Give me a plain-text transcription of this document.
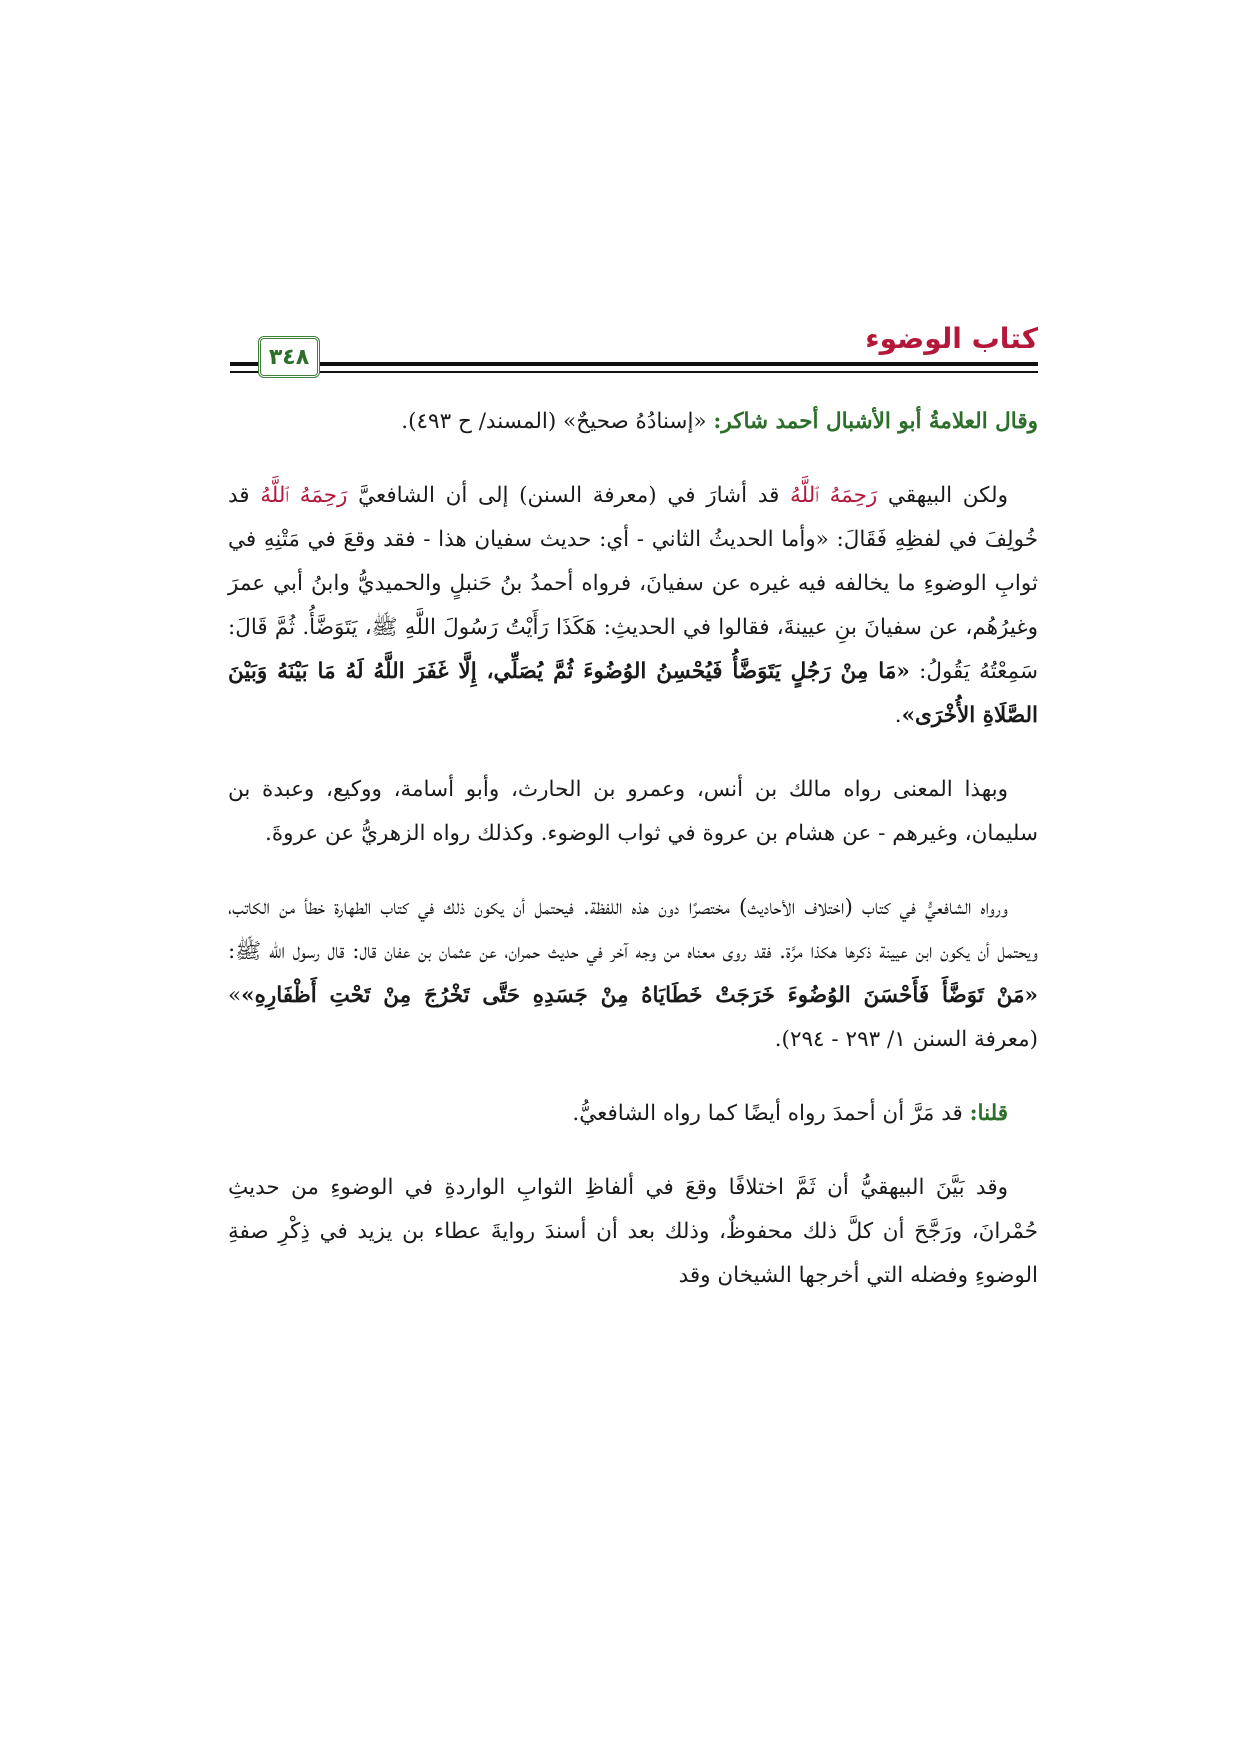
كتاب الوضوء
٣٤٨

وقال العلامةُ أبو الأشبال أحمد شاكر: «إسنادُهُ صحيحٌ» (المسند/ ح ٤٩٣).

ولكن البيهقي رَحِمَهُ ٱللَّهُ قد أشارَ في (معرفة السنن) إلى أن الشافعيَّ رَحِمَهُ ٱللَّهُ قد خُولِفَ في لفظِهِ فَقَالَ: «وأما الحديثُ الثاني - أي: حديث سفيان هذا - فقد وقعَ في مَتْنِهِ في ثوابِ الوضوءِ ما يخالفه فيه غيره عن سفيانَ، فرواه أحمدُ بنُ حَنبلٍ والحميديُّ وابنُ أبي عمرَ وغيرُهُم، عن سفيانَ بنِ عيينةَ، فقالوا في الحديثِ: هَكَذَا رَأَيْتُ رَسُولَ اللَّهِ ﷺ، يَتَوَضَّأُ. ثُمَّ قَالَ: سَمِعْتُهُ يَقُولُ: «مَا مِنْ رَجُلٍ يَتَوَضَّأُ فَيُحْسِنُ الوُضُوءَ ثُمَّ يُصَلِّي، إِلَّا غَفَرَ اللَّهُ لَهُ مَا بَيْنَهُ وَبَيْنَ الصَّلَاةِ الأُخْرَى».

وبهذا المعنى رواه مالك بن أنس، وعمرو بن الحارث، وأبو أسامة، ووكيع، وعبدة بن سليمان، وغيرهم - عن هشام بن عروة في ثواب الوضوء. وكذلك رواه الزهريُّ عن عروةَ.

ورواه الشافعيُّ في كتاب (اختلاف الأحاديث) مختصرًا دون هذه اللفظة. فيحتمل أن يكون ذلك في كتاب الطهارة خطأ من الكاتب، ويحتمل أن يكون ابن عيينة ذكرها هكذا مرَّة. فقد روى معناه من وجه آخر في حديث حمران، عن عثمان بن عفان قال: قال رسول الله ﷺ: «مَنْ تَوَضَّأَ فَأَحْسَنَ الوُضُوءَ خَرَجَتْ خَطَايَاهُ مِنْ جَسَدِهِ حَتَّى تَخْرُجَ مِنْ تَحْتِ أَظْفَارِهِ»» (معرفة السنن ١/ ٢٩٣ - ٢٩٤).

قلنا: قد مَرَّ أن أحمدَ رواه أيضًا كما رواه الشافعيُّ.

وقد بَيَّنَ البيهقيُّ أن ثَمَّ اختلافًا وقعَ في ألفاظِ الثوابِ الواردةِ في الوضوءِ من حديثِ حُمْرانَ، ورَجَّحَ أن كلَّ ذلك محفوظٌ، وذلك بعد أن أسندَ روايةَ عطاء بن يزيد في ذِكْرِ صفةِ الوضوءِ وفضله التي أخرجها الشيخان وقد
